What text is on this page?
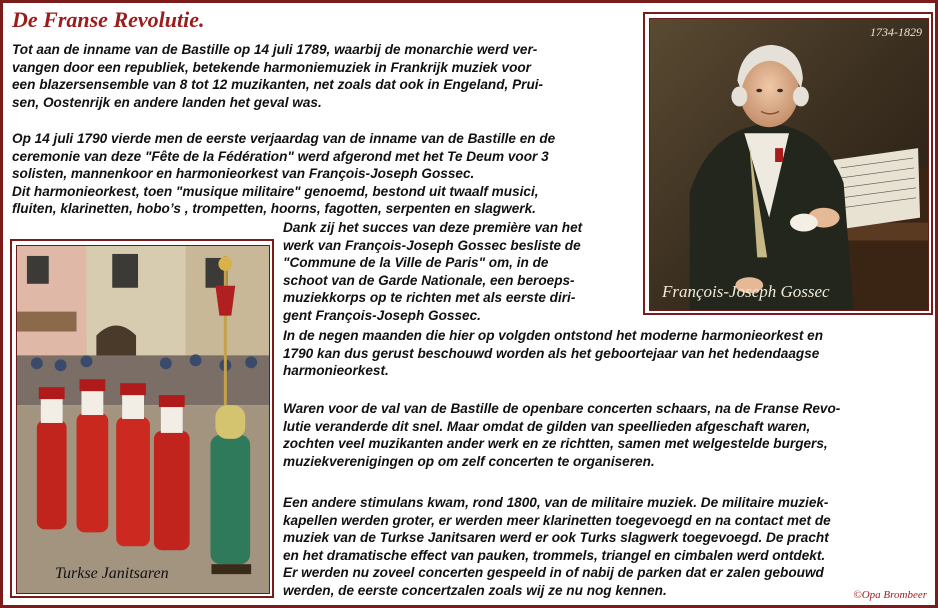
De Franse Revolutie.
Tot aan de inname van de Bastille op 14 juli 1789, waarbij de monarchie werd ver-
vangen door een republiek, betekende harmoniemuziek in Frankrijk muziek voor
een blazersensemble van 8 tot 12 muzikanten, net zoals dat ook in Engeland, Prui-
sen, Oostenrijk en andere landen het geval was.
Op 14 juli 1790 vierde men de eerste verjaardag van de inname van de Bastille en de
ceremonie van deze "Fête de la Fédération" werd afgerond met het Te Deum voor 3
solisten, mannenkoor en harmonieorkest van François-Joseph Gossec.
Dit harmonieorkest, toen "musique militaire" genoemd, bestond uit twaalf musici,
fluiten, klarinetten, hobo’s , trompetten, hoorns, fagotten, serpenten en slagwerk.
Dank zij het succes van deze première van het
werk van François-Joseph Gossec besliste de
"Commune de la Ville de Paris" om, in de
schoot van de Garde Nationale, een beroeps-
muziekkorps op te richten met als eerste diri-
gent François-Joseph Gossec.
In de negen maanden die hier op volgden ontstond het moderne harmonieorkest en
1790 kan dus gerust beschouwd worden als het geboortejaar van het hedendaagse
harmonieorkest.
Waren voor de val van de Bastille de openbare concerten schaars, na de Franse Revo-
lutie veranderde dit snel. Maar omdat de gilden van speellieden afgeschaft waren,
zochten veel muzikanten ander werk en ze richtten, samen met welgestelde burgers,
muziekverenigingen op om zelf concerten te organiseren.
Een andere stimulans kwam, rond 1800, van de militaire muziek. De militaire muziek-
kapellen werden groter, er werden meer klarinetten toegevoegd en na contact met de
muziek van de Turkse Janitsaren werd er ook Turks slagwerk toegevoegd. De pracht
en het dramatische effect van pauken, trommels, triangel en cimbalen werd ontdekt.
Er werden nu zoveel concerten gespeeld in of nabij de parken dat er zalen gebouwd
werden, de eerste concertzalen zoals wij ze nu nog kennen.
1734-1829
François-Joseph Gossec
Turkse Janitsaren
©Opa Brombeer
